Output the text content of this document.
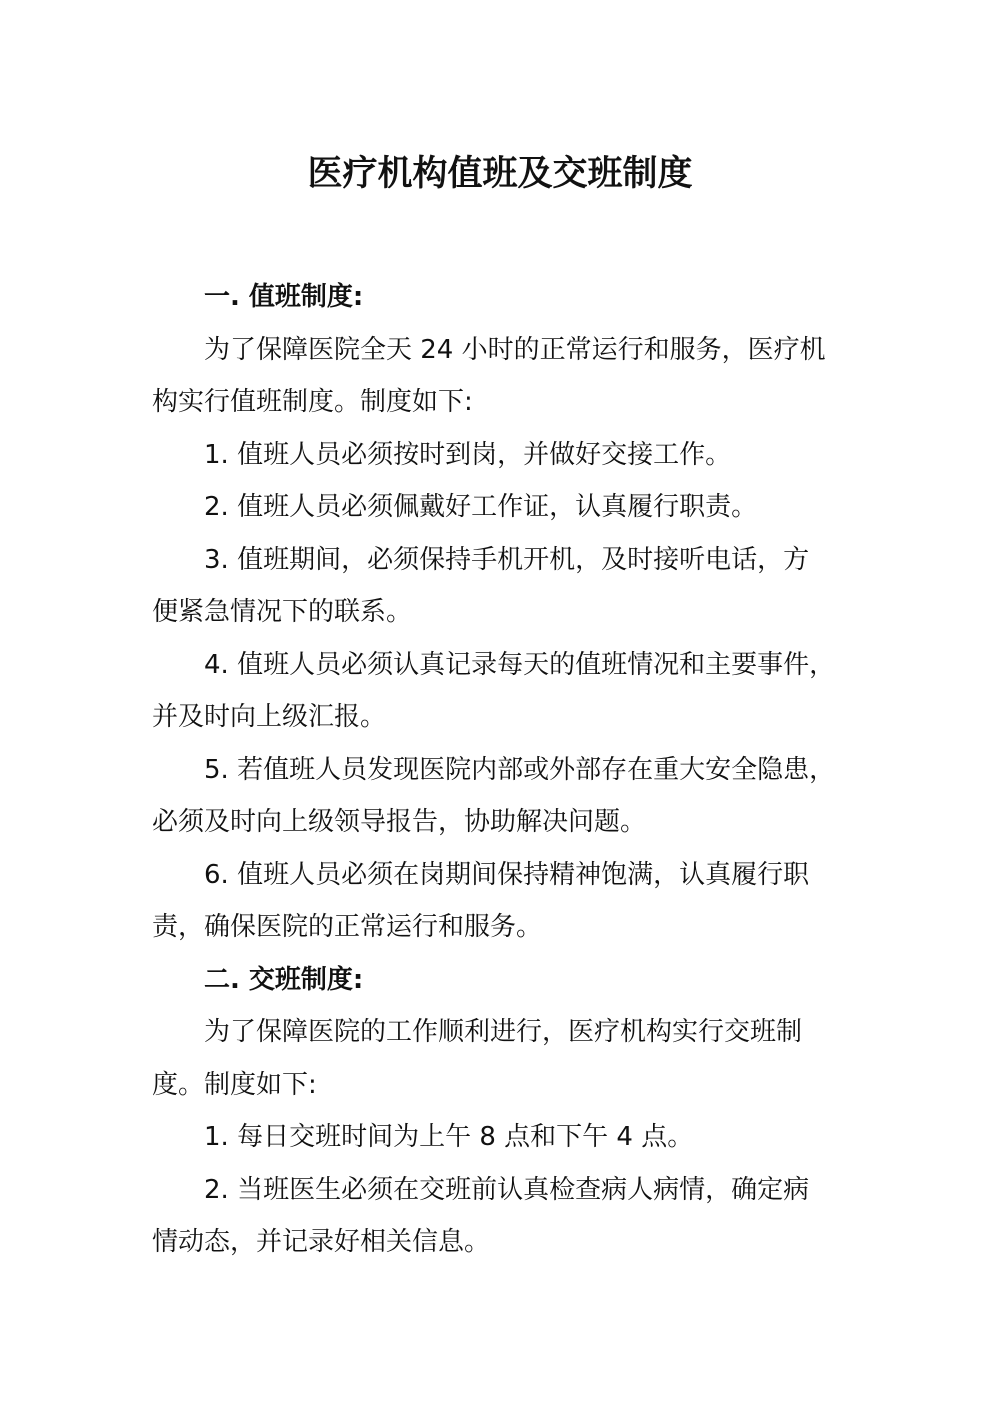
医疗机构值班及交班制度
一. 值班制度:
为了保障医院全天 24 小时的正常运行和服务，医疗机
构实行值班制度。制度如下:
1. 值班人员必须按时到岗，并做好交接工作。
2. 值班人员必须佩戴好工作证，认真履行职责。
3. 值班期间，必须保持手机开机，及时接听电话，方
便紧急情况下的联系。
4. 值班人员必须认真记录每天的值班情况和主要事件，
并及时向上级汇报。
5. 若值班人员发现医院内部或外部存在重大安全隐患，
必须及时向上级领导报告，协助解决问题。
6. 值班人员必须在岗期间保持精神饱满，认真履行职
责，确保医院的正常运行和服务。
二. 交班制度:
为了保障医院的工作顺利进行，医疗机构实行交班制
度。制度如下:
1. 每日交班时间为上午 8 点和下午 4 点。
2. 当班医生必须在交班前认真检查病人病情，确定病
情动态，并记录好相关信息。
